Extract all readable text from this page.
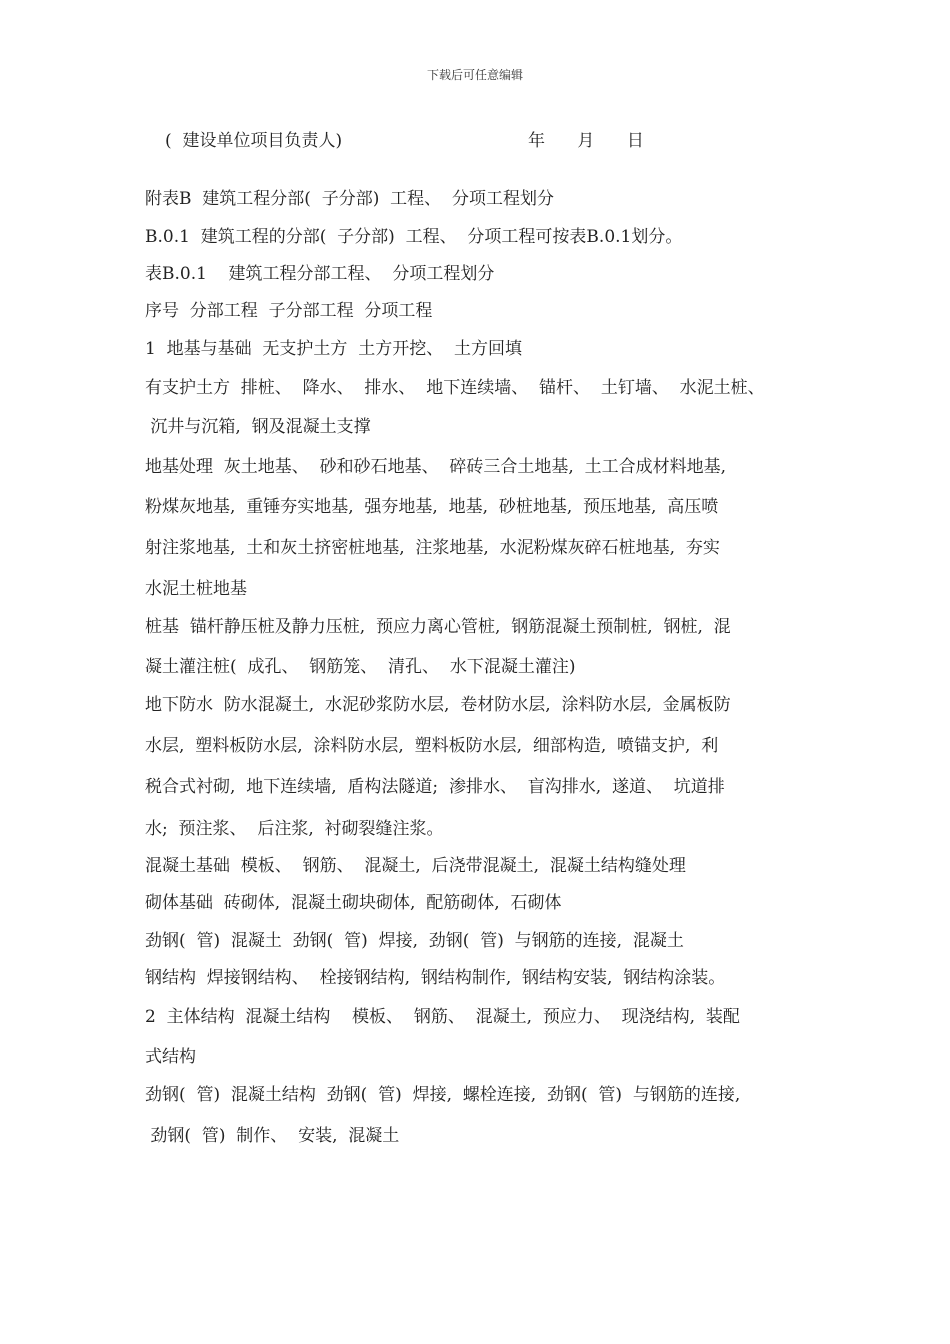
下载后可任意编辑
(  建设单位项目负责人)	年      月      日
附表B  建筑工程分部(  子分部)  工程、  分项工程划分
B.0.1  建筑工程的分部(  子分部)  工程、  分项工程可按表B.0.1划分。
表B.0.1    建筑工程分部工程、  分项工程划分
序号  分部工程  子分部工程  分项工程
1  地基与基础  无支护土方  土方开挖、  土方回填
有支护土方  排桩、  降水、  排水、  地下连续墙、  锚杆、  土钉墙、  水泥土桩、
沉井与沉箱,  钢及混凝土支撑
地基处理  灰土地基、  砂和砂石地基、  碎砖三合土地基,  土工合成材料地基,
粉煤灰地基,  重锤夯实地基,  强夯地基,  地基,  砂桩地基,  预压地基,  高压喷
射注浆地基,  土和灰土挤密桩地基,  注浆地基,  水泥粉煤灰碎石桩地基,  夯实
水泥土桩地基
桩基  锚杆静压桩及静力压桩,  预应力离心管桩,  钢筋混凝土预制桩,  钢桩,  混
凝土灌注桩(  成孔、  钢筋笼、  清孔、  水下混凝土灌注)
地下防水  防水混凝土,  水泥砂浆防水层,  卷材防水层,  涂料防水层,  金属板防
水层,  塑料板防水层,  涂料防水层,  塑料板防水层,  细部构造,  喷锚支护,  利
税合式衬砌,  地下连续墙,  盾构法隧道;  渗排水、  盲沟排水,  遂道、  坑道排
水;  预注浆、  后注浆,  衬砌裂缝注浆。
混凝土基础  模板、  钢筋、  混凝土,  后浇带混凝土,  混凝土结构缝处理
砌体基础  砖砌体,  混凝土砌块砌体,  配筋砌体,  石砌体
劲钢(  管)  混凝土  劲钢(  管)  焊接,  劲钢(  管)  与钢筋的连接,  混凝土
钢结构  焊接钢结构、  栓接钢结构,  钢结构制作,  钢结构安装,  钢结构涂装。
2  主体结构  混凝土结构    模板、  钢筋、  混凝土,  预应力、  现浇结构,  装配
式结构
劲钢(  管)  混凝土结构  劲钢(  管)  焊接,  螺栓连接,  劲钢(  管)  与钢筋的连接,
劲钢(  管)  制作、  安装,  混凝土
